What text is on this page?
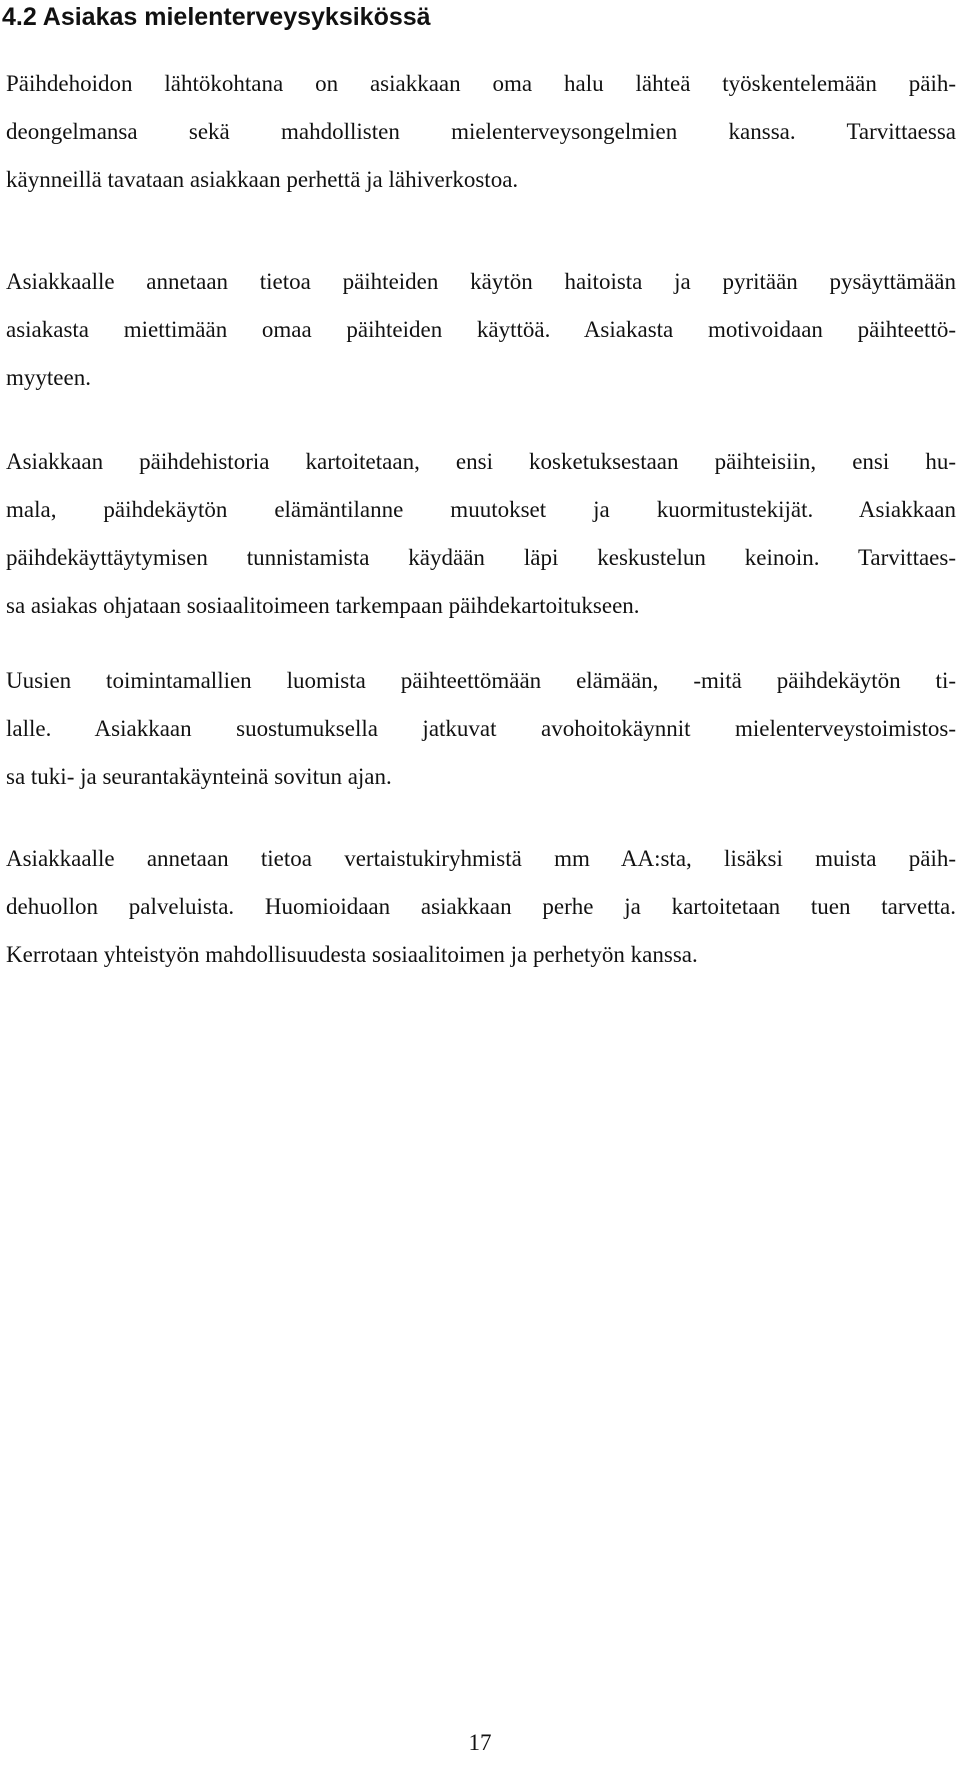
4.2 Asiakas mielenterveysyksikössä

Päihdehoidon lähtökohtana on asiakkaan oma halu lähteä työskentelemään päih-
deongelmansa sekä mahdollisten mielenterveysongelmien kanssa. Tarvittaessa
käynneillä tavataan asiakkaan perhettä ja lähiverkostoa.

Asiakkaalle annetaan tietoa päihteiden käytön haitoista ja pyritään pysäyttämään
asiakasta miettimään omaa päihteiden käyttöä. Asiakasta motivoidaan päihteettö-
myyteen.

Asiakkaan päihdehistoria kartoitetaan, ensi kosketuksestaan päihteisiin, ensi hu-
mala, päihdekäytön elämäntilanne muutokset ja kuormitustekijät. Asiakkaan
päihdekäyttäytymisen tunnistamista käydään läpi keskustelun keinoin. Tarvittaes-
sa asiakas ohjataan sosiaalitoimeen tarkempaan päihdekartoitukseen.

Uusien toimintamallien luomista päihteettömään elämään, -mitä päihdekäytön ti-
lalle. Asiakkaan suostumuksella jatkuvat avohoitokäynnit mielenterveystoimistos-
sa tuki- ja seurantakäynteinä sovitun ajan.

Asiakkaalle annetaan tietoa vertaistukiryhmistä mm AA:sta, lisäksi muista päih-
dehuollon palveluista. Huomioidaan asiakkaan perhe ja kartoitetaan tuen tarvetta.
Kerrotaan yhteistyön mahdollisuudesta sosiaalitoimen ja perhetyön kanssa.

17
